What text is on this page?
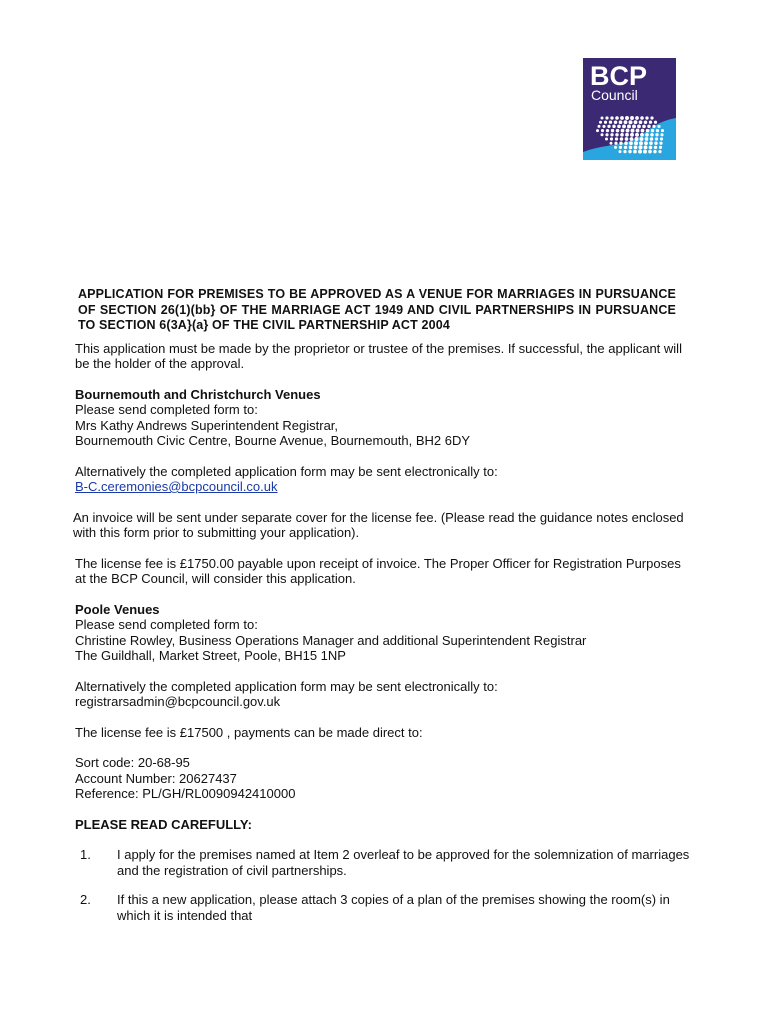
BCP
Council

APPLICATION FOR PREMISES TO BE APPROVED AS A VENUE FOR MARRIAGES IN PURSUANCE OF SECTION 26(1)(bb} OF THE MARRIAGE ACT 1949 AND CIVIL PARTNERSHIPS IN PURSUANCE TO SECTION 6(3A}(a} OF THE CIVIL PARTNERSHIP ACT 2004

This application must be made by the proprietor or trustee of the premises. If successful, the applicant will be the holder of the approval.

Bournemouth and Christchurch Venues

Please send completed form to:

Mrs Kathy Andrews Superintendent Registrar,

Bournemouth Civic Centre, Bourne Avenue, Bournemouth, BH2 6DY

Alternatively the completed application form may be sent electronically to:

B-C.ceremonies@bcpcouncil.co.uk

An invoice will be sent under separate cover for the license fee. (Please read the guidance notes enclosed with this form prior to submitting your application).

The license fee is £1750.00 payable upon receipt of invoice. The Proper Officer for Registration Purposes at the BCP Council, will consider this application.

Poole Venues

Please send completed form to:

Christine Rowley, Business Operations Manager and additional Superintendent Registrar

The Guildhall, Market Street, Poole, BH15 1NP

Alternatively the completed application form may be sent electronically to:

registrarsadmin@bcpcouncil.gov.uk

The license fee is £17500 , payments can be made direct to:

Sort code: 20-68-95

Account Number: 20627437

Reference: PL/GH/RL0090942410000

PLEASE READ CAREFULLY:

1. I apply for the premises named at Item 2 overleaf to be approved for the solemnization of marriages and the registration of civil partnerships.
2. If this a new application, please attach 3 copies of a plan of the premises showing the room(s) in which it is intended that
